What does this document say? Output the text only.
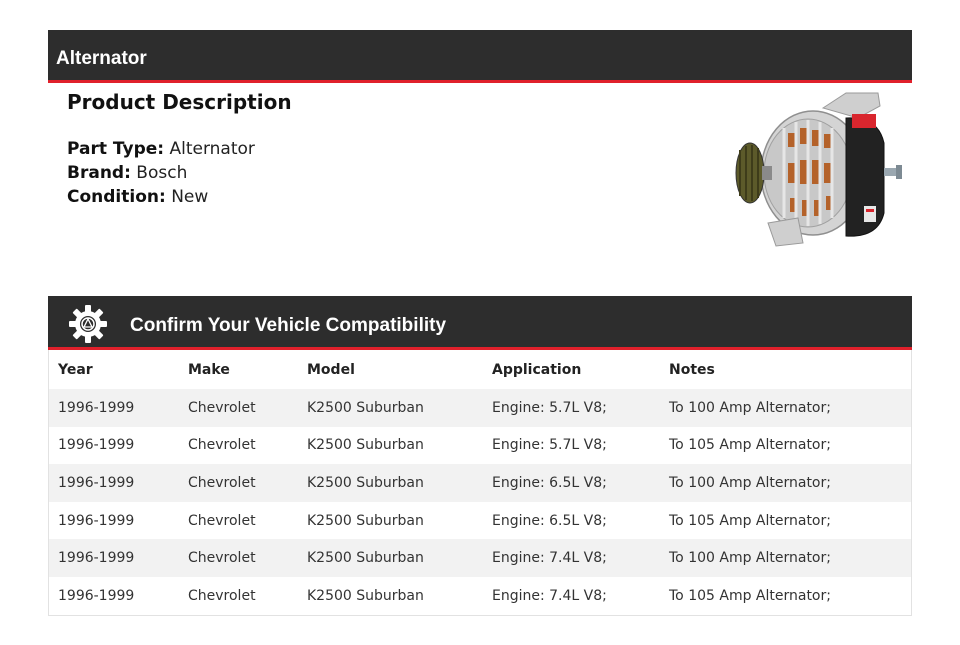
Alternator
Product Description
Part Type: Alternator
Brand: Bosch
Condition: New
Confirm Your Vehicle Compatibility
Year	Make	Model	Application	Notes
1996-1999	Chevrolet	K2500 Suburban	Engine: 5.7L V8;	To 100 Amp Alternator;
1996-1999	Chevrolet	K2500 Suburban	Engine: 5.7L V8;	To 105 Amp Alternator;
1996-1999	Chevrolet	K2500 Suburban	Engine: 6.5L V8;	To 100 Amp Alternator;
1996-1999	Chevrolet	K2500 Suburban	Engine: 6.5L V8;	To 105 Amp Alternator;
1996-1999	Chevrolet	K2500 Suburban	Engine: 7.4L V8;	To 100 Amp Alternator;
1996-1999	Chevrolet	K2500 Suburban	Engine: 7.4L V8;	To 105 Amp Alternator;
